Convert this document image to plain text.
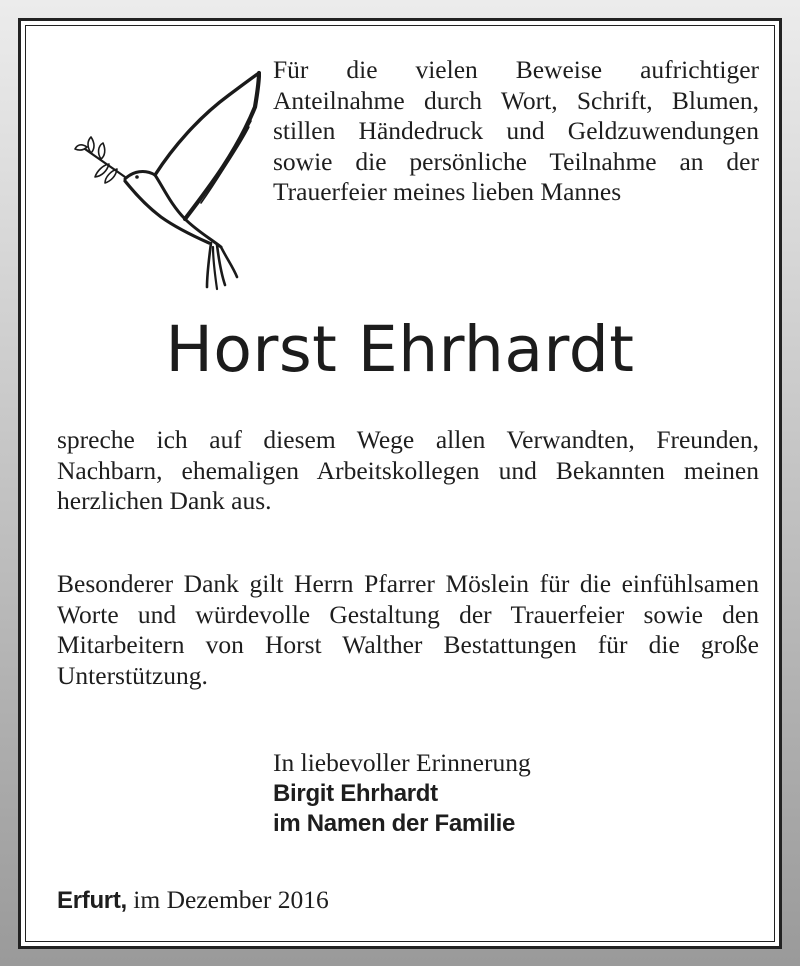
Für die vielen Beweise aufrichtiger Anteilnahme durch Wort, Schrift, Blumen, stillen Händedruck und Geldzuwendungen sowie die persönliche Teilnahme an der Trauerfeier meines lieben Mannes

Horst Ehrhardt

spreche ich auf diesem Wege allen Verwandten, Freunden, Nachbarn, ehemaligen Arbeitskollegen und Bekannten meinen herzlichen Dank aus.

Besonderer Dank gilt Herrn Pfarrer Möslein für die einfühlsamen Worte und würdevolle Gestaltung der Trauerfeier sowie den Mitarbeitern von Horst Walther Bestattungen für die große Unterstützung.

In liebevoller Erinnerung
Birgit Ehrhardt
im Namen der Familie

Erfurt, im Dezember 2016
